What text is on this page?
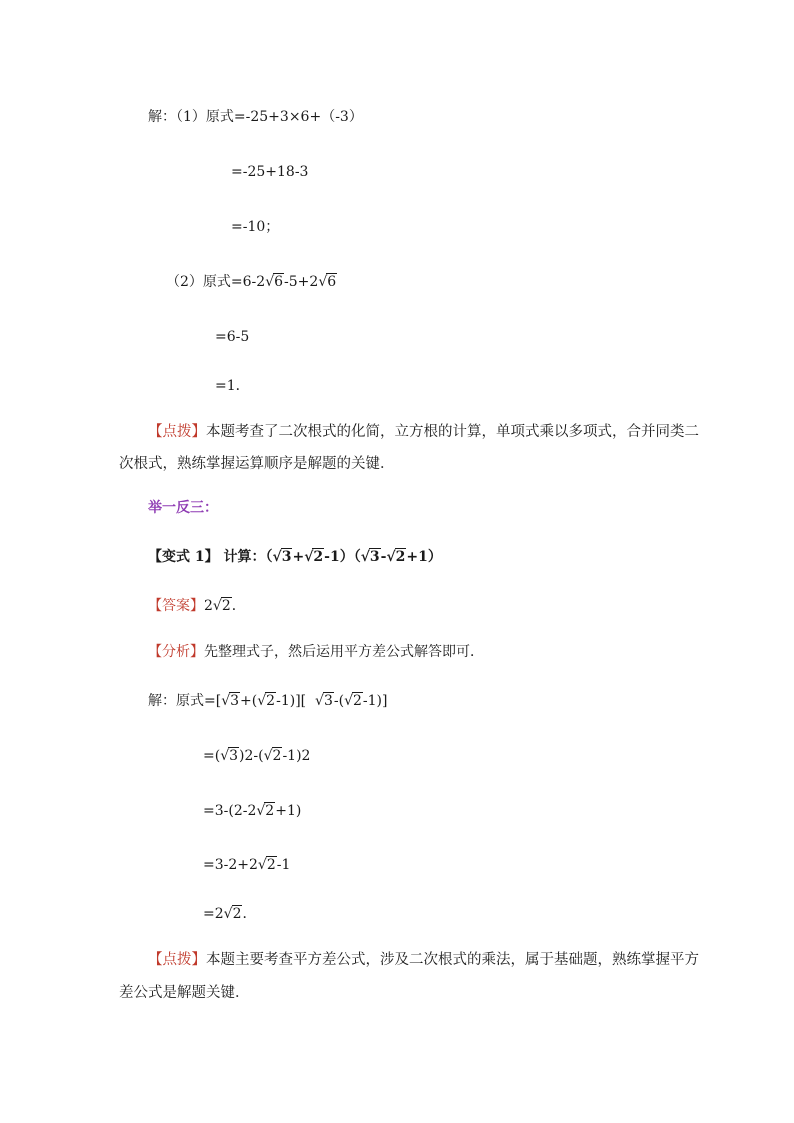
解：（1）原式=-25+3×6+（-3）
=-25+18-3
=-10；
（2）原式=6-2√6-5+2√6
=6-5
=1．
【点拨】本题考查了二次根式的化简，立方根的计算，单项式乘以多项式，合并同类二
次根式，熟练掌握运算顺序是解题的关键．
举一反三：
【变式 1】 计算：（√3+√2-1）（√3-√2+1）
【答案】2√2．
【分析】先整理式子，然后运用平方差公式解答即可．
解：原式=[√3+(√2-1)][ √3-(√2-1)]
=(√3)2-(√2-1)2
=3-(2-2√2+1)
=3-2+2√2-1
=2√2．
【点拨】本题主要考查平方差公式，涉及二次根式的乘法，属于基础题，熟练掌握平方
差公式是解题关键．
